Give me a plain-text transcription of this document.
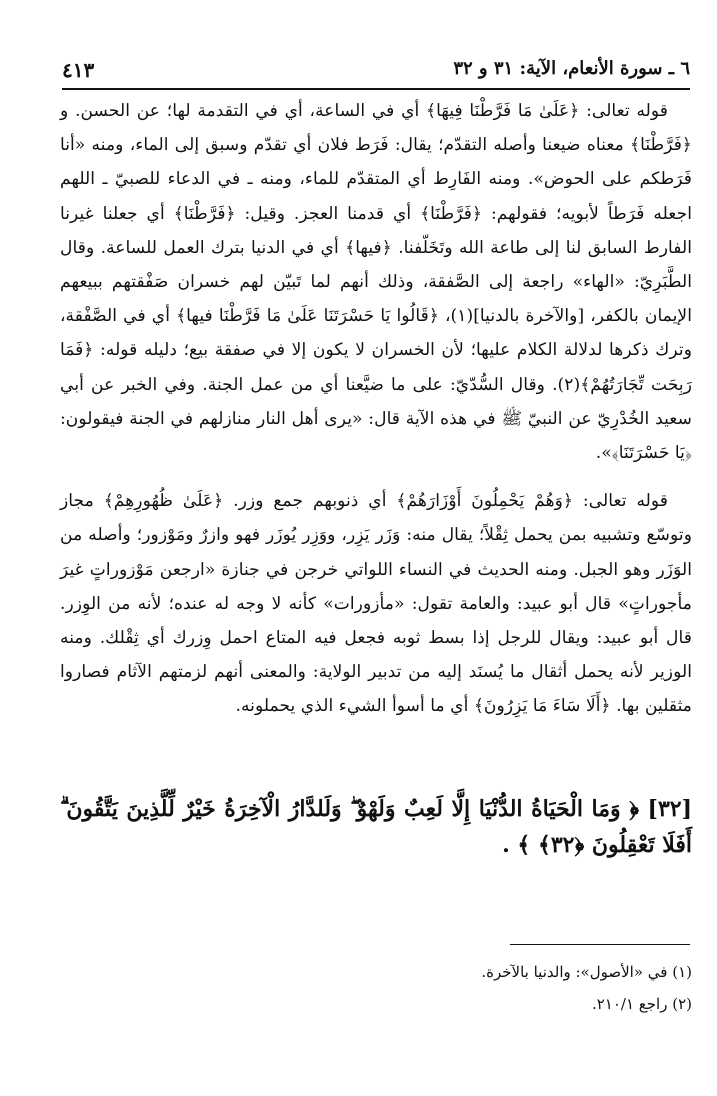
٦ ـ سورة الأنعام، الآية: ٣١ و ٣٢
٤١٣

قوله تعالى: ﴿عَلَىٰ مَا فَرَّطْنَا فِيهَا﴾ أي في الساعة، أي في التقدمة لها؛ عن الحسن. و ﴿فَرَّطْنَا﴾ معناه ضيعنا وأصله التقدّم؛ يقال: فَرَط فلان أي تقدّم وسبق إلى الماء، ومنه «أنا فَرَطكم على الحوض». ومنه الفَارِط أي المتقدّم للماء، ومنه ـ في الدعاء للصبيّ ـ اللهم اجعله فَرَطاً لأبويه؛ فقولهم: ﴿فَرَّطْنَا﴾ أي قدمنا العجز. وقيل: ﴿فَرَّطْنَا﴾ أي جعلنا غيرنا الفارط السابق لنا إلى طاعة الله وتَخَلّفنا. ﴿فيها﴾ أي في الدنيا بترك العمل للساعة. وقال الطَّبَرِيّ: «الهاء» راجعة إلى الصَّفقة، وذلك أنهم لما تَبيّن لهم خسران صَفْقتهم ببيعهم الإيمان بالكفر، [والآخرة بالدنيا](١)، ﴿قَالُوا يَا حَسْرَتَنَا عَلَىٰ مَا فَرَّطْنَا فيها﴾ أي في الصَّفْقة، وترك ذكرها لدلالة الكلام عليها؛ لأن الخسران لا يكون إلا في صفقة بيع؛ دليله قوله: ﴿فَمَا رَبِحَت تِّجَارَتُهُمْ﴾(٢). وقال السُّدّيّ: على ما ضيَّعنا أي من عمل الجنة. وفي الخبر عن أبي سعيد الخُدْرِيّ عن النبيّ ﷺ في هذه الآية قال: «يرى أهل النار منازلهم في الجنة فيقولون: ﴿يَا حَسْرَتَنَا﴾».

قوله تعالى: ﴿وَهُمْ يَحْمِلُونَ أَوْزَارَهُمْ﴾ أي ذنوبهم جمع وزر. ﴿عَلَىٰ ظُهُورِهِمْ﴾ مجاز وتوسّع وتشبيه بمن يحمل ثِقْلاً؛ يقال منه: وَزَر يَزِر، ووَزِر يُوزَر فهو وازرٌ ومَوْزور؛ وأصله من الوَزَر وهو الجبل. ومنه الحديث في النساء اللواتي خرجن في جنازة «ارجعن مَوْزوراتٍ غيرَ مأجوراتٍ» قال أبو عبيد: والعامة تقول: «مأزورات» كأنه لا وجه له عنده؛ لأنه من الوِزر. قال أبو عبيد: ويقال للرجل إذا بسط ثوبه فجعل فيه المتاع احمل وِزرك أي ثِقْلك. ومنه الوزير لأنه يحمل أثقال ما يُسنَد إليه من تدبير الولاية: والمعنى أنهم لزمتهم الآثام فصاروا مثقلين بها. ﴿أَلَا سَاءَ مَا يَزِرُونَ﴾ أي ما أسوأ الشيء الذي يحملونه.

[٣٢] ﴿ وَمَا الْحَيَاةُ الدُّنْيَا إِلَّا لَعِبٌ وَلَهْوٌ ۖ وَلَلدَّارُ الْآخِرَةُ خَيْرٌ لِّلَّذِينَ يَتَّقُونَ ۗ أَفَلَا تَعْقِلُونَ ﴿٣٢﴾ ﴾ .

(١) في «الأصول»: والدنيا بالآخرة.
(٢) راجع ٢١٠/١.
